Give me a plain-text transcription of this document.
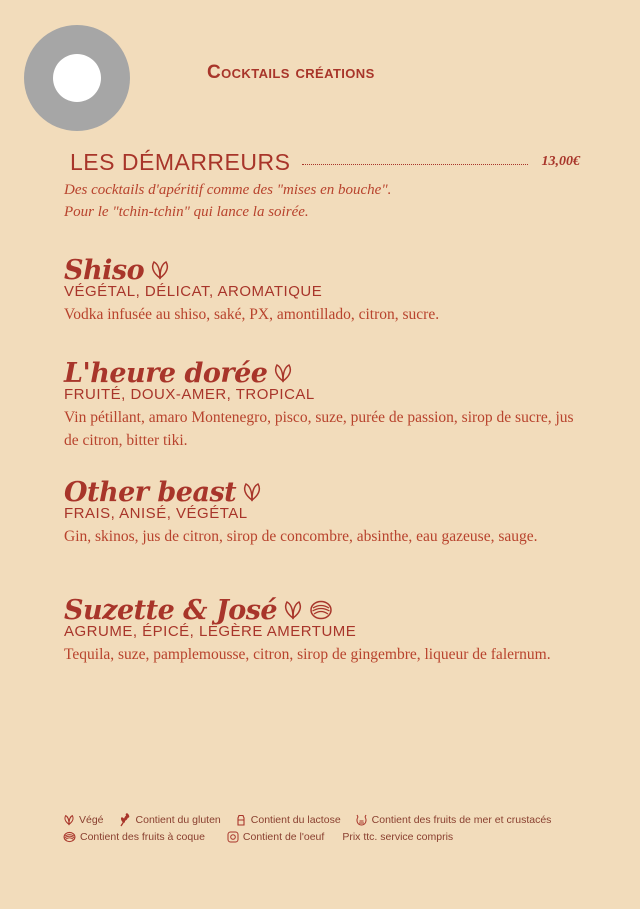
Cocktails créations
LES DÉMARREURS	13,00€
Des cocktails d'apéritif comme des "mises en bouche".
Pour le "tchin-tchin" qui lance la soirée.
Shiso
VÉGÉTAL, DÉLICAT, AROMATIQUE
Vodka infusée au shiso, saké, PX, amontillado, citron, sucre.
L'heure dorée
FRUITÉ, DOUX-AMER, TROPICAL
Vin pétillant, amaro Montenegro, pisco, suze, purée de passion, sirop de sucre, jus de citron, bitter tiki.
Other beast
FRAIS, ANISÉ, VÉGÉTAL
Gin, skinos, jus de citron, sirop de concombre, absinthe, eau gazeuse, sauge.
Suzette & José
AGRUME, ÉPICÉ, LÉGÈRE AMERTUME
Tequila, suze, pamplemousse, citron, sirop de gingembre, liqueur de falernum.
Végé	Contient du gluten	Contient du lactose	Contient des fruits de mer et crustacés
Contient des fruits à coque	Contient de l'oeuf Prix ttc. service compris
